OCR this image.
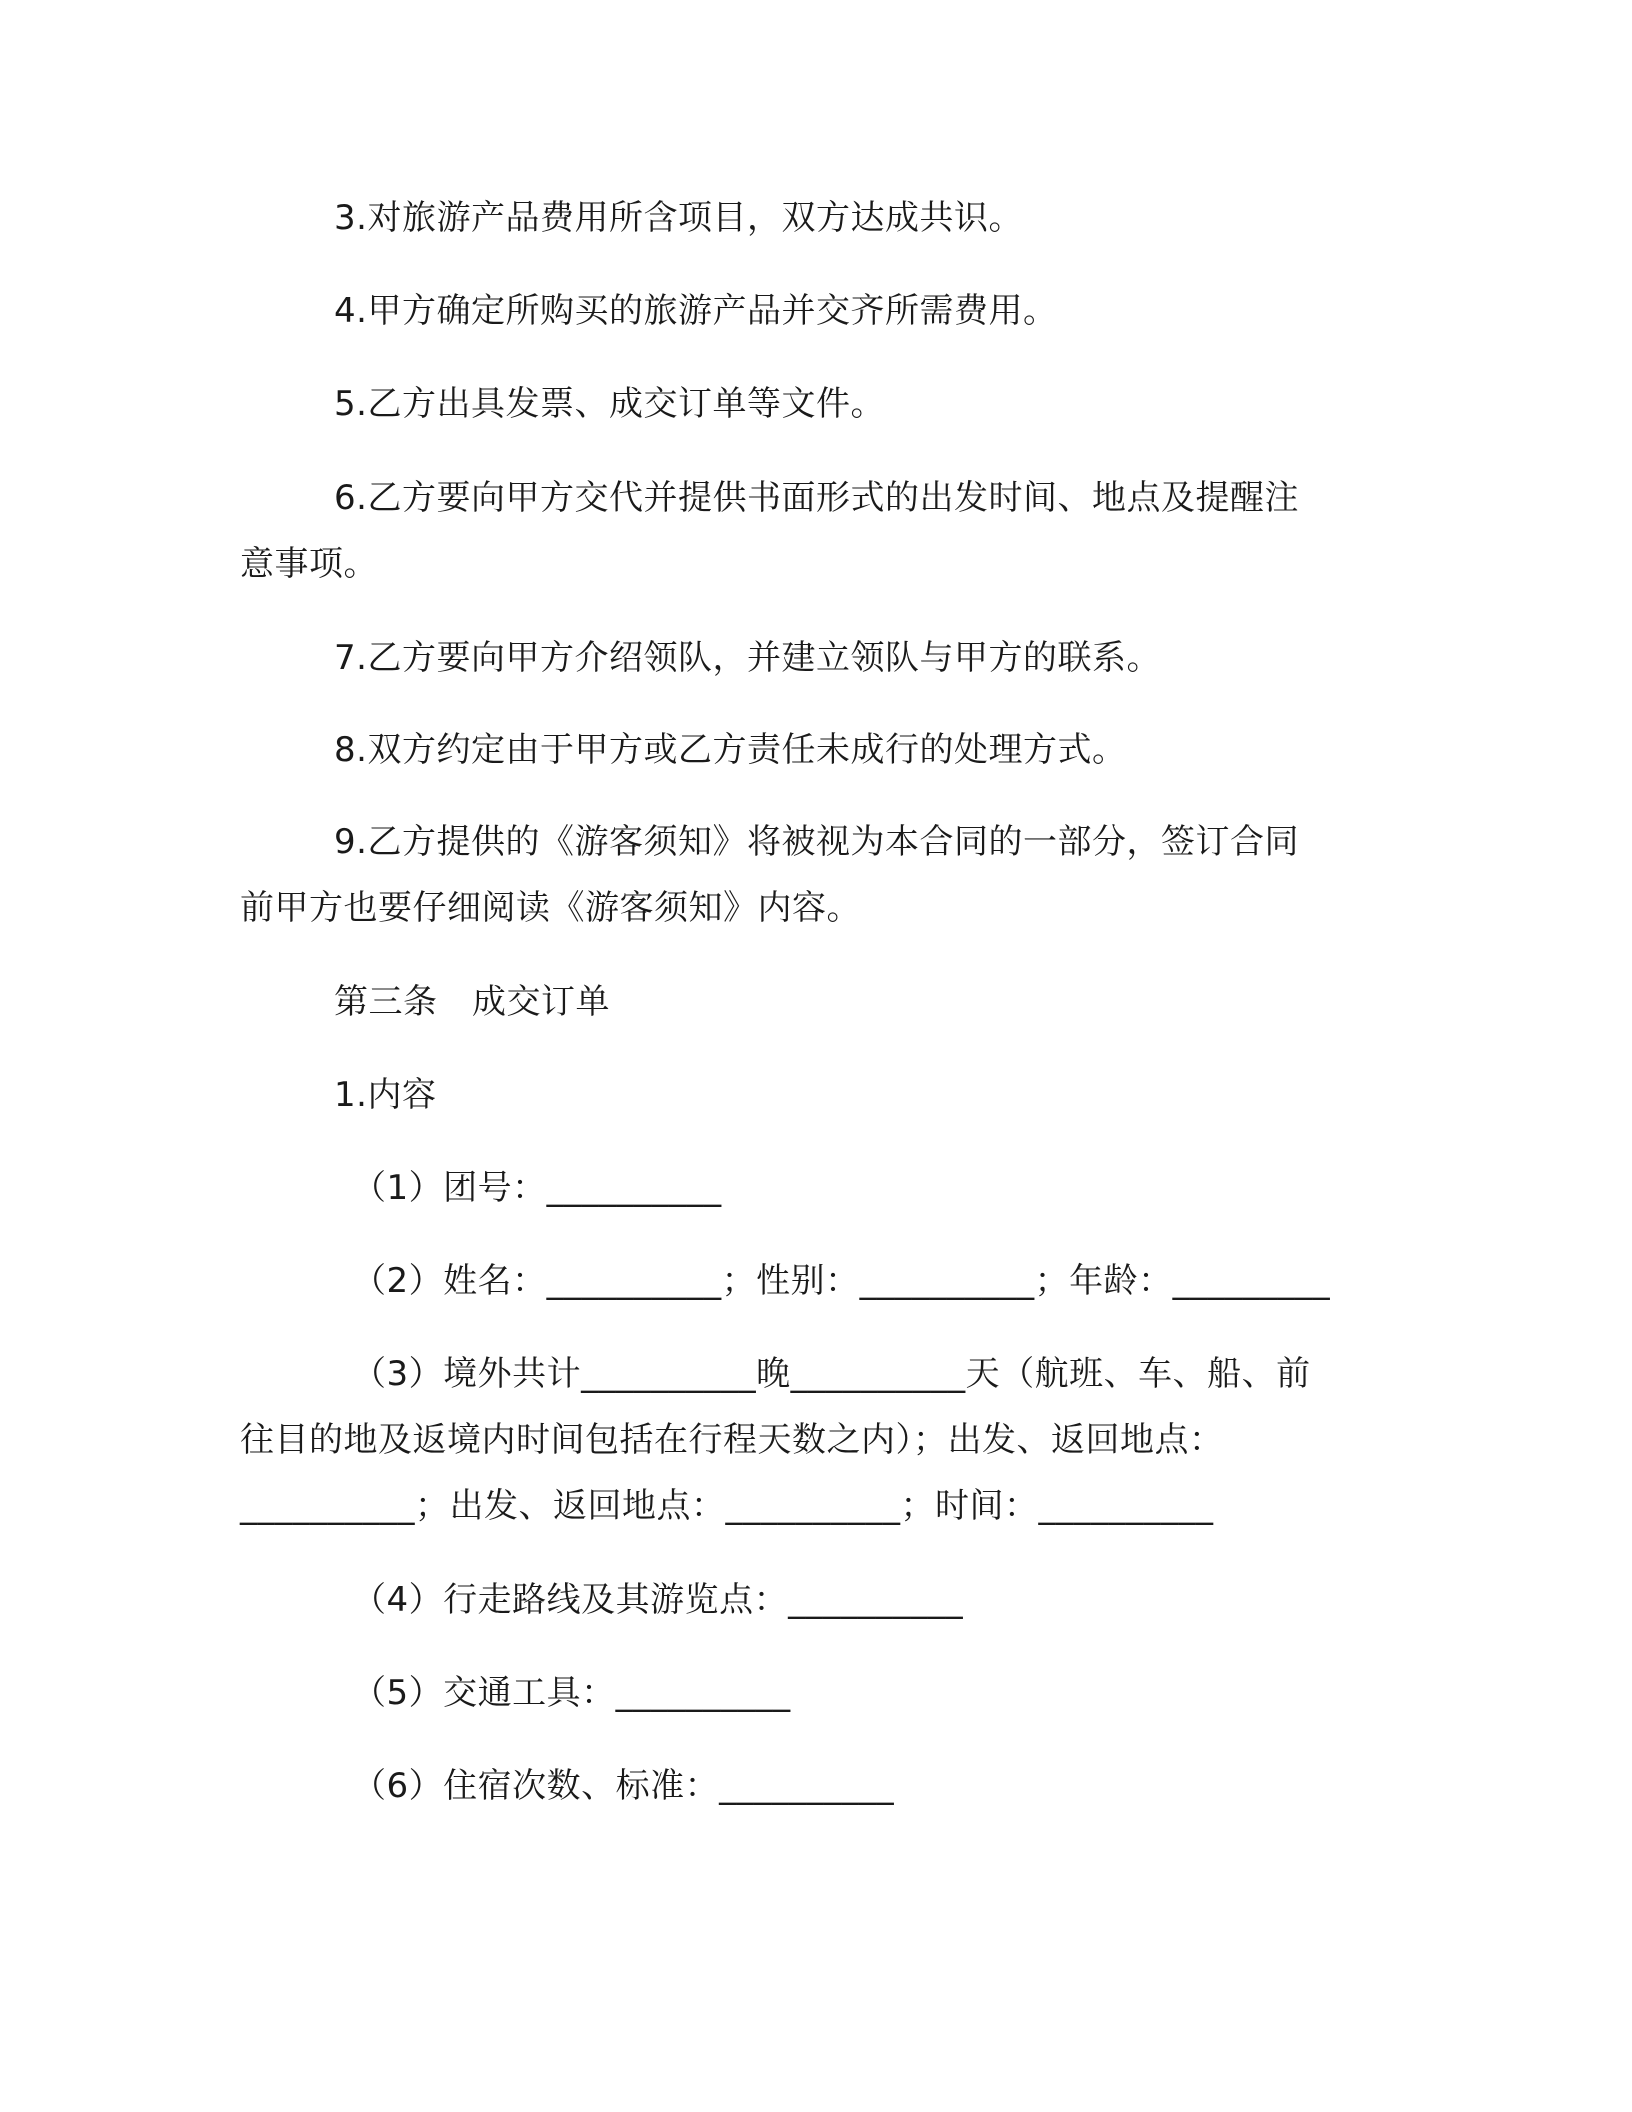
3.对旅游产品费用所含项目，双方达成共识。
4.甲方确定所购买的旅游产品并交齐所需费用。
5.乙方出具发票、成交订单等文件。
6.乙方要向甲方交代并提供书面形式的出发时间、地点及提醒注
意事项。
7.乙方要向甲方介绍领队，并建立领队与甲方的联系。
8.双方约定由于甲方或乙方责任未成行的处理方式。
9.乙方提供的《游客须知》将被视为本合同的一部分，签订合同
前甲方也要仔细阅读《游客须知》内容。
第三条　成交订单
1.内容
（1）团号：__________
（2）姓名：__________；性别：__________；年龄：_________
（3）境外共计__________晚__________天（航班、车、船、前
往目的地及返境内时间包括在行程天数之内）；出发、返回地点：
__________；出发、返回地点：__________；时间：__________
（4）行走路线及其游览点：__________
（5）交通工具：__________
（6）住宿次数、标准：__________
